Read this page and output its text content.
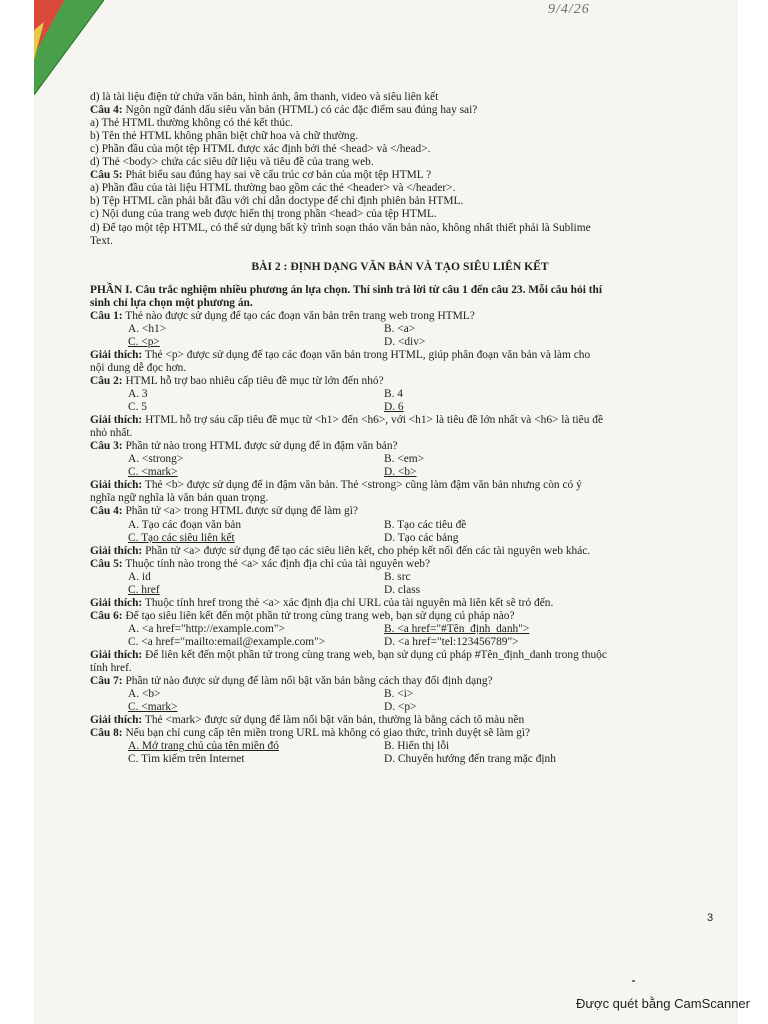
9/4/26
d) là tài liệu điện tử chứa văn bản, hình ảnh, âm thanh, video và siêu liên kết
Câu 4: Ngôn ngữ đánh dấu siêu văn bản (HTML) có các đặc điểm sau đúng hay sai?
a) Thẻ HTML thường không có thẻ kết thúc.
b) Tên thẻ HTML không phân biệt chữ hoa và chữ thường.
c) Phần đầu của một tệp HTML được xác định bởi thẻ <head> và </head>.
d) Thẻ <body> chứa các siêu dữ liệu và tiêu đề của trang web.
Câu 5: Phát biểu sau đúng hay sai về cấu trúc cơ bản của một tệp HTML ?
a) Phần đầu của tài liệu HTML thường bao gồm các thẻ <header> và </header>.
b) Tệp HTML cần phải bắt đầu với chỉ dẫn doctype để chỉ định phiên bản HTML.
c) Nội dung của trang web được hiển thị trong phần <head> của tệp HTML.
d) Để tạo một tệp HTML, có thể sử dụng bất kỳ trình soạn thảo văn bản nào, không nhất thiết phải là Sublime
Text.
BÀI 2 : ĐỊNH DẠNG VĂN BẢN VÀ TẠO SIÊU LIÊN KẾT
PHẦN I. Câu trắc nghiệm nhiều phương án lựa chọn. Thí sinh trả lời từ câu 1 đến câu 23. Mỗi câu hỏi thí
sinh chỉ lựa chọn một phương án.
Câu 1: Thẻ nào được sử dụng để tạo các đoạn văn bản trên trang web trong HTML?
A. <h1>	B. <a>
C. <p>	D. <div>
Giải thích: Thẻ <p> được sử dụng để tạo các đoạn văn bản trong HTML, giúp phân đoạn văn bản và làm cho
nội dung dễ đọc hơn.
Câu 2: HTML hỗ trợ bao nhiêu cấp tiêu đề mục từ lớn đến nhỏ?
A. 3	B. 4
C. 5	D. 6
Giải thích: HTML hỗ trợ sáu cấp tiêu đề mục từ <h1> đến <h6>, với <h1> là tiêu đề lớn nhất và <h6> là tiêu đề
nhỏ nhất.
Câu 3: Phần tử nào trong HTML được sử dụng để in đậm văn bản?
A. <strong>	B. <em>
C. <mark>	D. <b>
Giải thích: Thẻ <b> được sử dụng để in đậm văn bản. Thẻ <strong> cũng làm đậm văn bản nhưng còn có ý
nghĩa ngữ nghĩa là văn bản quan trọng.
Câu 4: Phần tử <a> trong HTML được sử dụng để làm gì?
A. Tạo các đoạn văn bản	B. Tạo các tiêu đề
C. Tạo các siêu liên kết	D. Tạo các bảng
Giải thích: Phần tử <a> được sử dụng để tạo các siêu liên kết, cho phép kết nối đến các tài nguyên web khác.
Câu 5: Thuộc tính nào trong thẻ <a> xác định địa chỉ của tài nguyên web?
A. id	B. src
C. href	D. class
Giải thích: Thuộc tính href trong thẻ <a> xác định địa chỉ URL của tài nguyên mà liên kết sẽ trỏ đến.
Câu 6: Để tạo siêu liên kết đến một phần tử trong cùng trang web, bạn sử dụng cú pháp nào?
A. <a href="http://example.com">	B. <a href="#Tên_định_danh">
C. <a href="mailto:email@example.com">	D. <a href="tel:123456789">
Giải thích: Để liên kết đến một phần tử trong cùng trang web, bạn sử dụng cú pháp #Tên_định_danh trong thuộc
tính href.
Câu 7: Phần tử nào được sử dụng để làm nổi bật văn bản bằng cách thay đổi định dạng?
A. <b>	B. <i>
C. <mark>	D. <p>
Giải thích: Thẻ <mark> được sử dụng để làm nổi bật văn bản, thường là bằng cách tô màu nền
Câu 8: Nếu bạn chỉ cung cấp tên miền trong URL mà không có giao thức, trình duyệt sẽ làm gì?
A. Mở trang chủ của tên miền đó	B. Hiển thị lỗi
C. Tìm kiếm trên Internet	D. Chuyển hướng đến trang mặc định
3
Được quét bằng CamScanner
